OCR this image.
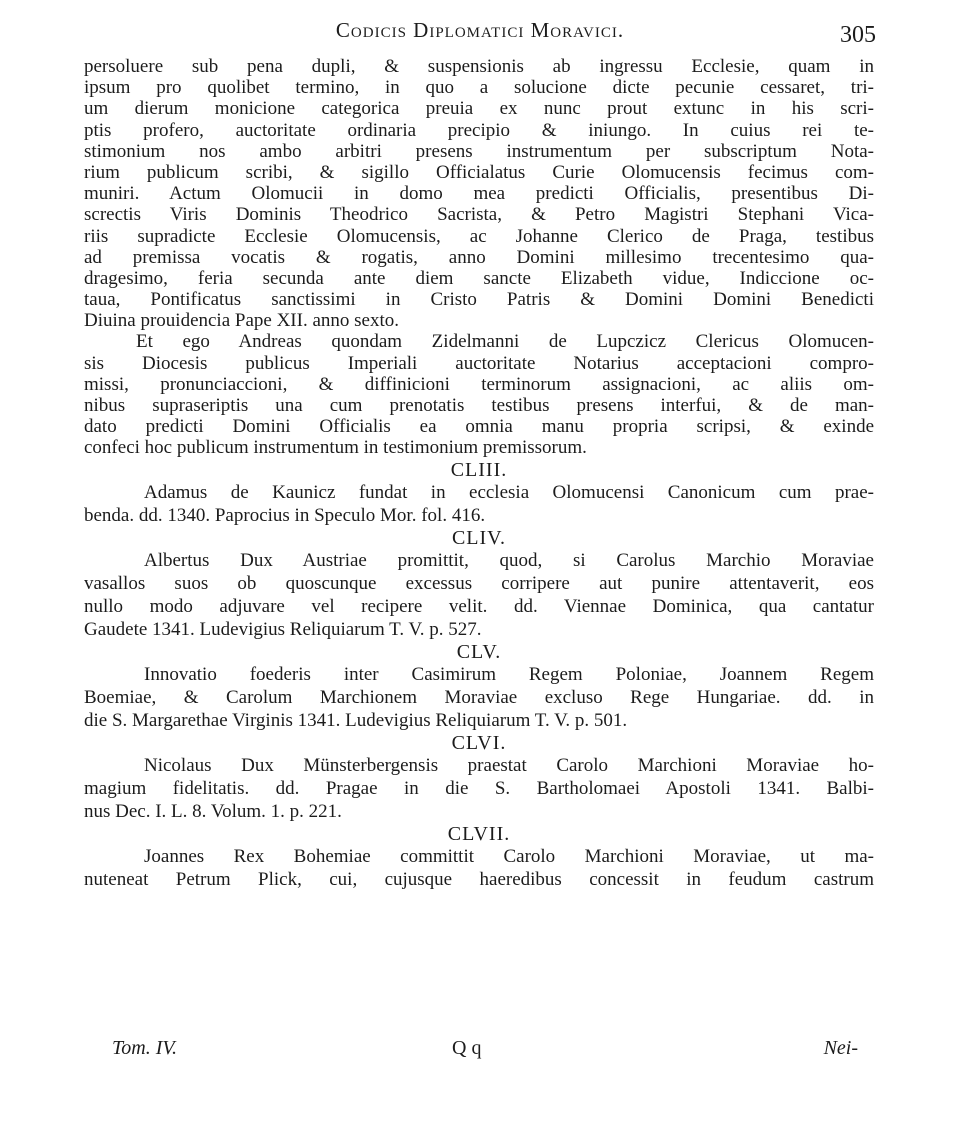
Codicis Diplomatici Moravici.	305
persoluere sub pena dupli, & suspensionis ab ingressu Ecclesie, quam in
ipsum pro quolibet termino, in quo a solucione dicte pecunie cessaret, tri-
um dierum monicione categorica preuia ex nunc prout extunc in his scri-
ptis profero, auctoritate ordinaria precipio & iniungo. In cuius rei te-
stimonium nos ambo arbitri presens instrumentum per subscriptum Nota-
rium publicum scribi, & sigillo Officialatus Curie Olomucensis fecimus com-
muniri. Actum Olomucii in domo mea predicti Officialis, presentibus Di-
screctis Viris Dominis Theodrico Sacrista, & Petro Magistri Stephani Vica-
riis supradicte Ecclesie Olomucensis, ac Johanne Clerico de Praga, testibus
ad premissa vocatis & rogatis, anno Domini millesimo trecentesimo qua-
dragesimo, feria secunda ante diem sancte Elizabeth vidue, Indiccione oc-
taua, Pontificatus sanctissimi in Cristo Patris & Domini Domini Benedicti
Diuina prouidencia Pape XII. anno sexto.
Et ego Andreas quondam Zidelmanni de Lupczicz Clericus Olomucen-
sis Diocesis publicus Imperiali auctoritate Notarius acceptacioni compro-
missi, pronunciaccioni, & diffinicioni terminorum assignacioni, ac aliis om-
nibus supraseriptis una cum prenotatis testibus presens interfui, & de man-
dato predicti Domini Officialis ea omnia manu propria scripsi, & exinde
confeci hoc publicum instrumentum in testimonium premissorum.
CLIII.
Adamus de Kaunicz fundat in ecclesia Olomucensi Canonicum cum prae-
benda. dd. 1340. Paprocius in Speculo Mor. fol. 416.
CLIV.
Albertus Dux Austriae promittit, quod, si Carolus Marchio Moraviae
vasallos suos ob quoscunque excessus corripere aut punire attentaverit, eos
nullo modo adjuvare vel recipere velit. dd. Viennae Dominica, qua cantatur
Gaudete 1341. Ludevigius Reliquiarum T. V. p. 527.
CLV.
Innovatio foederis inter Casimirum Regem Poloniae, Joannem Regem
Boemiae, & Carolum Marchionem Moraviae excluso Rege Hungariae. dd. in
die S. Margarethae Virginis 1341. Ludevigius Reliquiarum T. V. p. 501.
CLVI.
Nicolaus Dux Münsterbergensis praestat Carolo Marchioni Moraviae ho-
magium fidelitatis. dd. Pragae in die S. Bartholomaei Apostoli 1341. Balbi-
nus Dec. I. L. 8. Volum. 1. p. 221.
CLVII.
Joannes Rex Bohemiae committit Carolo Marchioni Moraviae, ut ma-
nuteneat Petrum Plick, cui, cujusque haeredibus concessit in feudum castrum
Tom. IV.	Q q	Nei-
